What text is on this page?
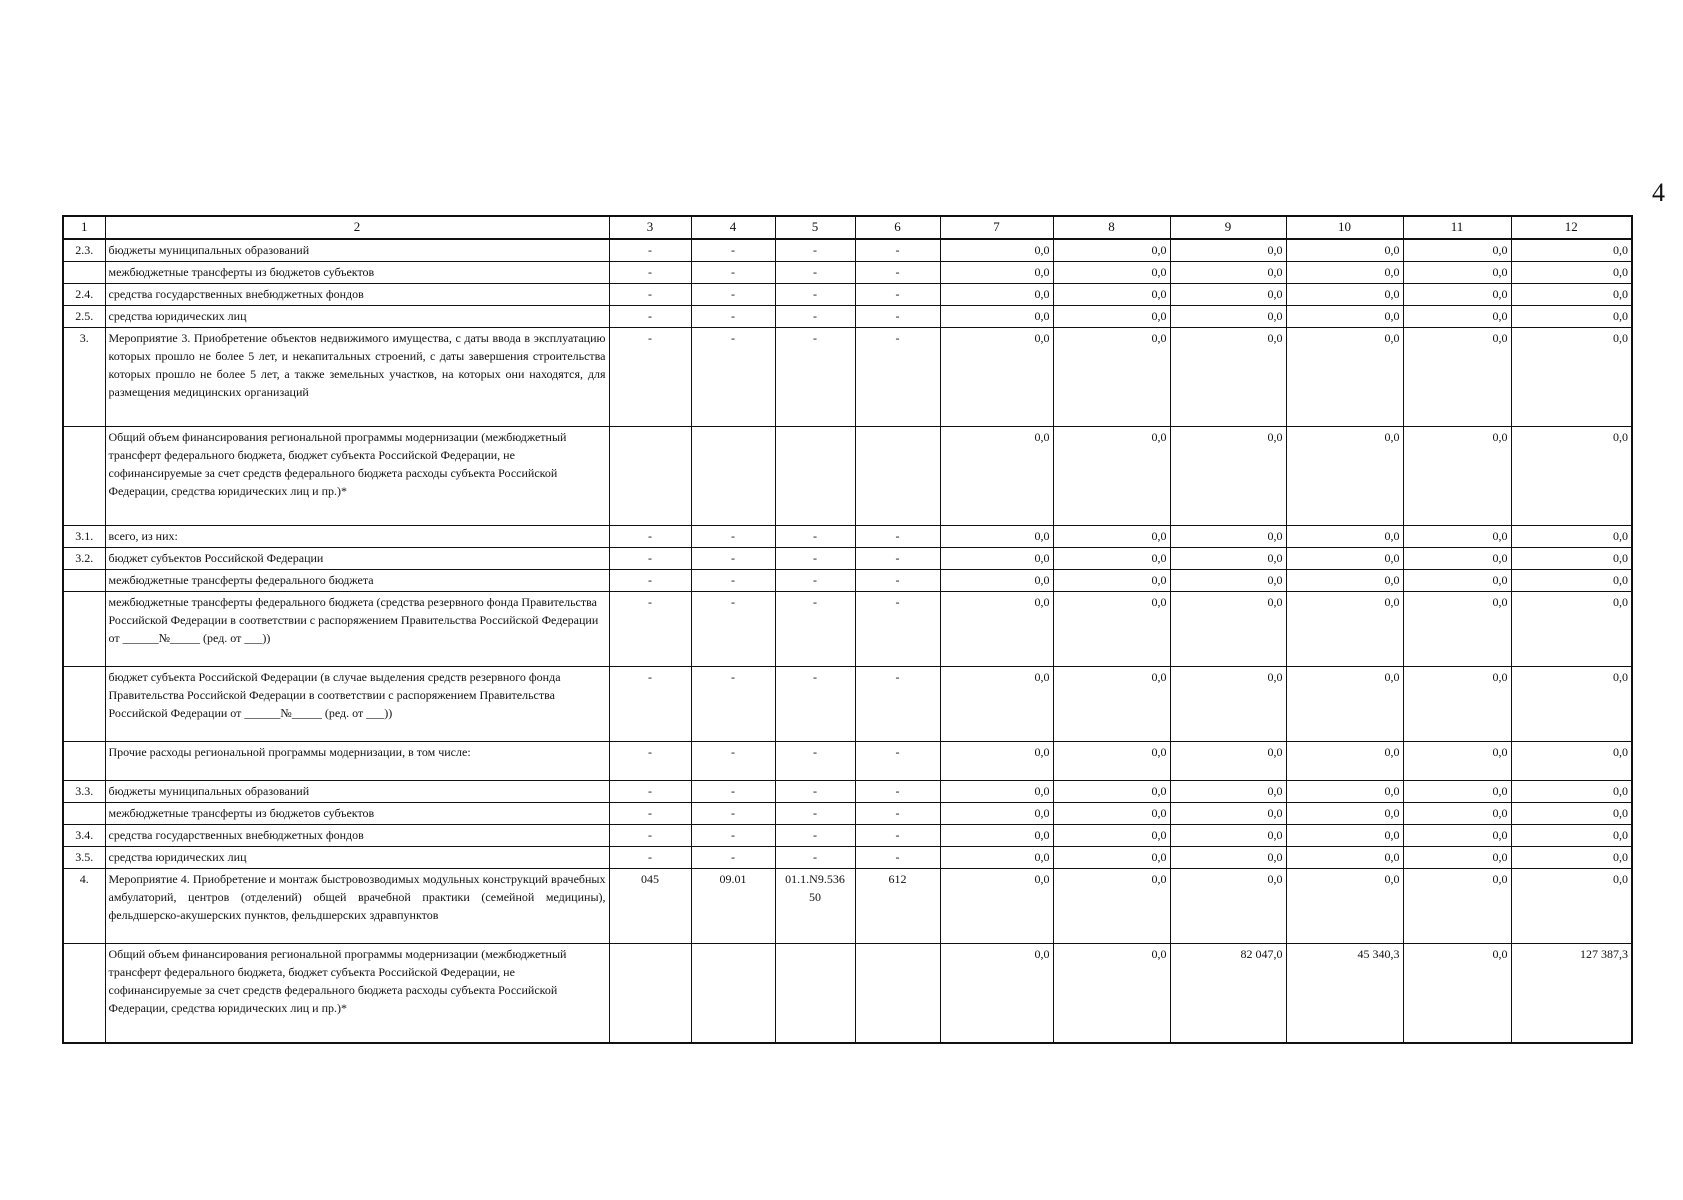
4
1	2	3	4	5	6	7	8	9	10	11	12
2.3.	бюджеты муниципальных образований	-	-	-	-	0,0	0,0	0,0	0,0	0,0	0,0
	межбюджетные трансферты из бюджетов субъектов	-	-	-	-	0,0	0,0	0,0	0,0	0,0	0,0
2.4.	средства государственных внебюджетных фондов	-	-	-	-	0,0	0,0	0,0	0,0	0,0	0,0
2.5.	средства юридических лиц	-	-	-	-	0,0	0,0	0,0	0,0	0,0	0,0
3.	Мероприятие 3. Приобретение объектов недвижимого имущества, с даты ввода в эксплуатацию которых прошло не более 5 лет, и некапитальных строений, с даты завершения строительства которых прошло не более 5 лет, а также земельных участков, на которых они находятся, для размещения медицинских организаций	-	-	-	-	0,0	0,0	0,0	0,0	0,0	0,0
	Общий объем финансирования региональной программы модернизации (межбюджетный трансферт федерального бюджета, бюджет субъекта Российской Федерации, не софинансируемые за счет средств федерального бюджета расходы субъекта Российской Федерации, средства юридических лиц и пр.)*					0,0	0,0	0,0	0,0	0,0	0,0
3.1.	всего, из них:	-	-	-	-	0,0	0,0	0,0	0,0	0,0	0,0
3.2.	бюджет субъектов Российской Федерации	-	-	-	-	0,0	0,0	0,0	0,0	0,0	0,0
	межбюджетные трансферты федерального бюджета	-	-	-	-	0,0	0,0	0,0	0,0	0,0	0,0
	межбюджетные трансферты федерального бюджета (средства резервного фонда Правительства Российской Федерации в соответствии с распоряжением Правительства Российской Федерации от ______№_____ (ред. от ___))	-	-	-	-	0,0	0,0	0,0	0,0	0,0	0,0
	бюджет субъекта Российской Федерации (в случае выделения средств резервного фонда Правительства Российской Федерации в соответствии с распоряжением Правительства Российской Федерации от ______№_____ (ред. от ___))	-	-	-	-	0,0	0,0	0,0	0,0	0,0	0,0
	Прочие расходы региональной программы модернизации, в том числе:	-	-	-	-	0,0	0,0	0,0	0,0	0,0	0,0
3.3.	бюджеты муниципальных образований	-	-	-	-	0,0	0,0	0,0	0,0	0,0	0,0
	межбюджетные трансферты из бюджетов субъектов	-	-	-	-	0,0	0,0	0,0	0,0	0,0	0,0
3.4.	средства государственных внебюджетных фондов	-	-	-	-	0,0	0,0	0,0	0,0	0,0	0,0
3.5.	средства юридических лиц	-	-	-	-	0,0	0,0	0,0	0,0	0,0	0,0
4.	Мероприятие 4. Приобретение и монтаж быстровозводимых модульных конструкций врачебных амбулаторий, центров (отделений) общей врачебной практики (семейной медицины), фельдшерско-акушерских пунктов, фельдшерских здравпунктов	045	09.01	01.1.N9.536 50	612	0,0	0,0	0,0	0,0	0,0	0,0
	Общий объем финансирования региональной программы модернизации (межбюджетный трансферт федерального бюджета, бюджет субъекта Российской Федерации, не софинансируемые за счет средств федерального бюджета расходы субъекта Российской Федерации, средства юридических лиц и пр.)*					0,0	0,0	82 047,0	45 340,3	0,0	127 387,3
